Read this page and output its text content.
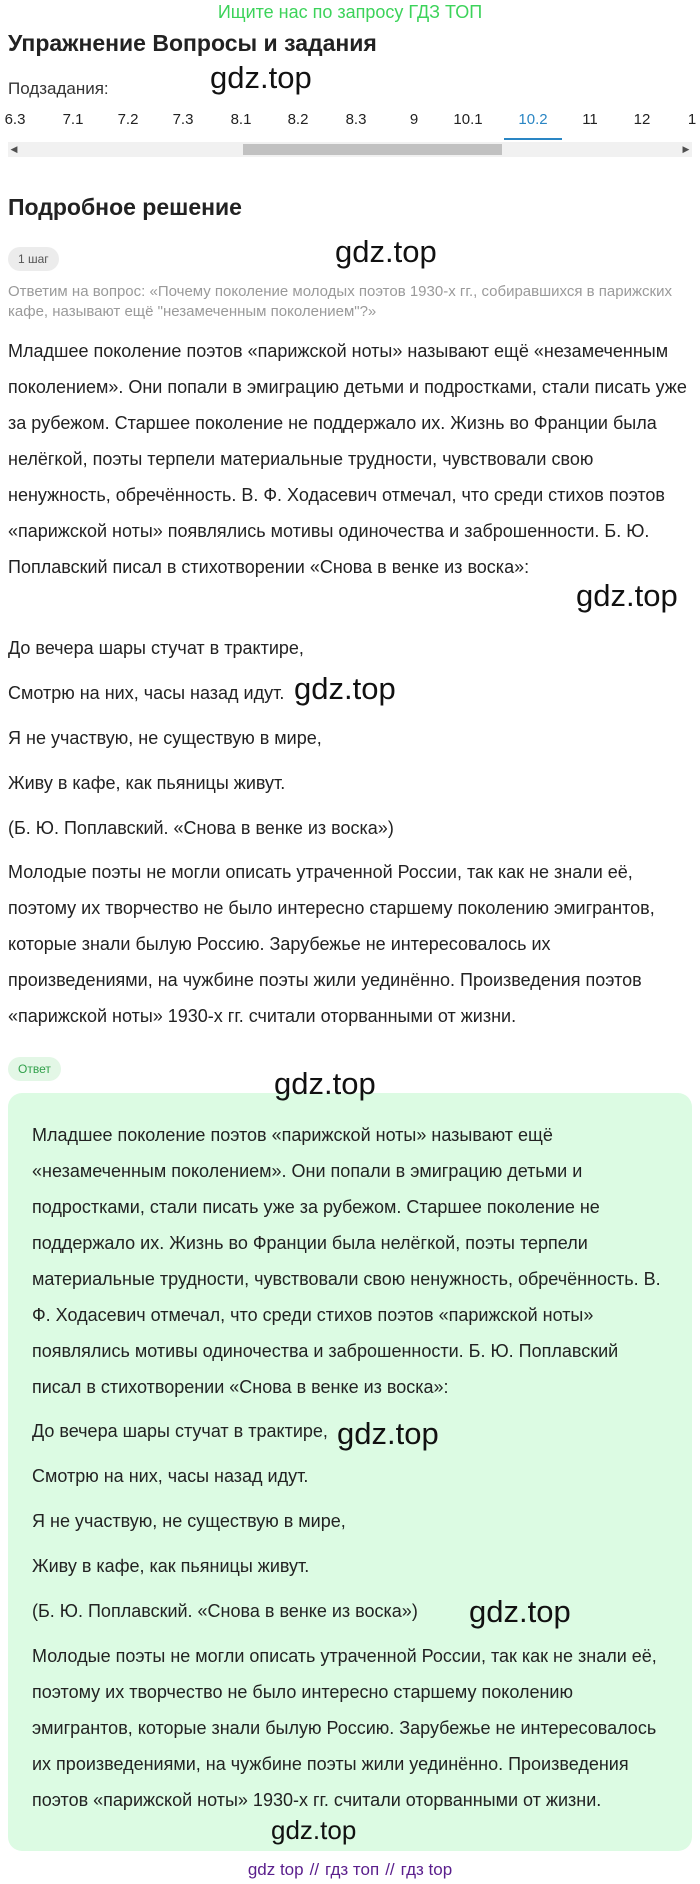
Ищите нас по запросу ГДЗ ТОП
Упражнение Вопросы и задания
Подзадания:	gdz.top
6.3	7.1	7.2	7.3	8.1	8.2	8.3	9	10.1	10.2	11	12	1
◀	▶
Подробное решение
1 шаг	gdz.top
Ответим на вопрос: «Почему поколение молодых поэтов 1930-х гг., собиравшихся в парижских кафе, называют ещё "незамеченным поколением"?»

Младшее поколение поэтов «парижской ноты» называют ещё «незамеченным поколением». Они попали в эмиграцию детьми и подростками, стали писать уже за рубежом. Старшее поколение не поддержало их. Жизнь во Франции была нелёгкой, поэты терпели материальные трудности, чувствовали свою ненужность, обречённость. В. Ф. Ходасевич отмечал, что среди стихов поэтов «парижской ноты» появлялись мотивы одиночества и заброшенности. Б. Ю. Поплавский писал в стихотворении «Снова в венке из воска»:

gdz.top
До вечера шары стучат в трактире,
Смотрю на них, часы назад идут. gdz.top
Я не участвую, не существую в мире,
Живу в кафе, как пьяницы живут.
(Б. Ю. Поплавский. «Снова в венке из воска»)

Молодые поэты не могли описать утраченной России, так как не знали её, поэтому их творчество не было интересно старшему поколению эмигрантов, которые знали былую Россию. Зарубежье не интересовалось их произведениями, на чужбине поэты жили уединённо. Произведения поэтов «парижской ноты» 1930-х гг. считали оторванными от жизни.

Ответ	gdz.top

Младшее поколение поэтов «парижской ноты» называют ещё «незамеченным поколением». Они попали в эмиграцию детьми и подростками, стали писать уже за рубежом. Старшее поколение не поддержало их. Жизнь во Франции была нелёгкой, поэты терпели материальные трудности, чувствовали свою ненужность, обречённость. В. Ф. Ходасевич отмечал, что среди стихов поэтов «парижской ноты» появлялись мотивы одиночества и заброшенности. Б. Ю. Поплавский писал в стихотворении «Снова в венке из воска»:

До вечера шары стучат в трактире, gdz.top
Смотрю на них, часы назад идут.
Я не участвую, не существую в мире,
Живу в кафе, как пьяницы живут.
(Б. Ю. Поплавский. «Снова в венке из воска») gdz.top

Молодые поэты не могли описать утраченной России, так как не знали её, поэтому их творчество не было интересно старшему поколению эмигрантов, которые знали былую Россию. Зарубежье не интересовалось их произведениями, на чужбине поэты жили уединённо. Произведения поэтов «парижской ноты» 1930-х гг. считали оторванными от жизни.

gdz.top
gdz top // гдз топ // гдз top
